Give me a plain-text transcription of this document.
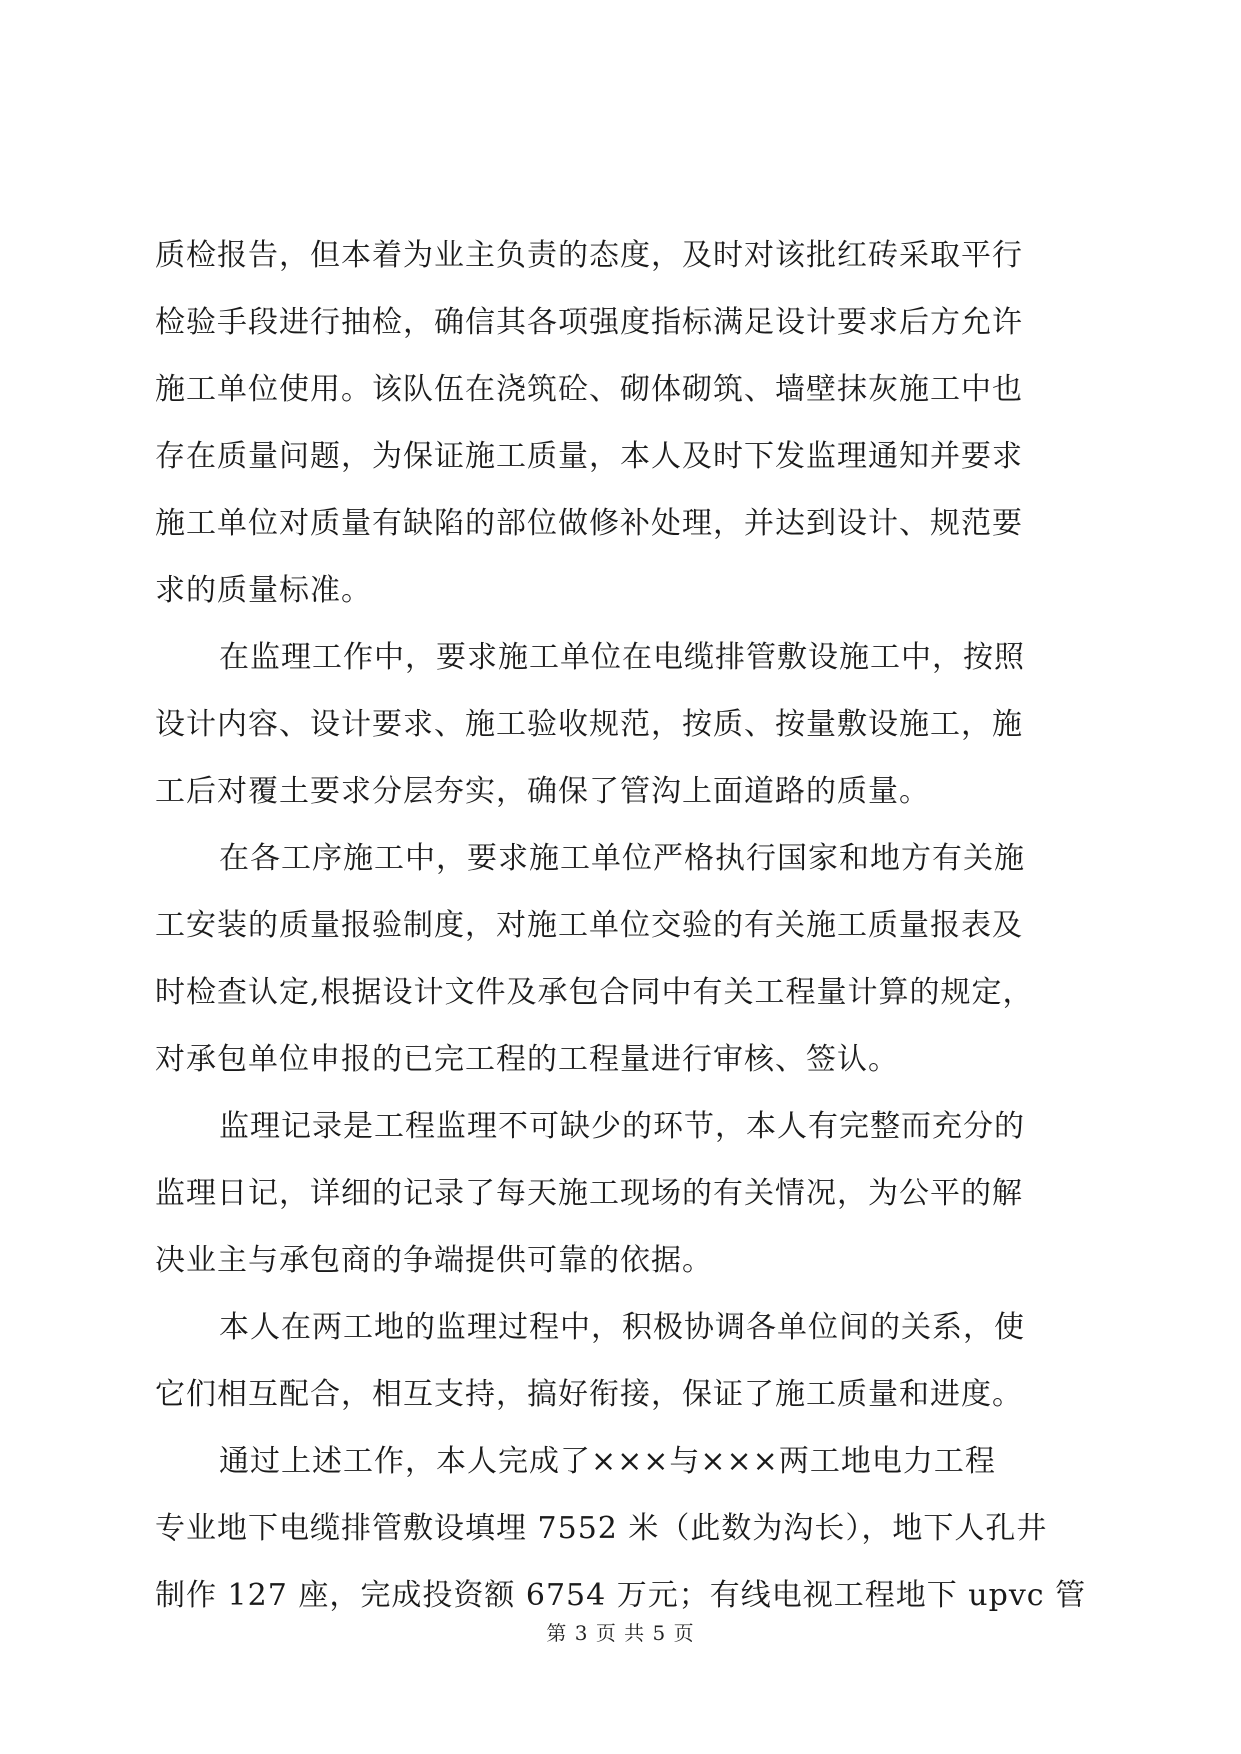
质检报告，但本着为业主负责的态度，及时对该批红砖采取平行
检验手段进行抽检，确信其各项强度指标满足设计要求后方允许
施工单位使用。该队伍在浇筑砼、砌体砌筑、墙壁抹灰施工中也
存在质量问题，为保证施工质量，本人及时下发监理通知并要求
施工单位对质量有缺陷的部位做修补处理，并达到设计、规范要
求的质量标准。
在监理工作中，要求施工单位在电缆排管敷设施工中，按照
设计内容、设计要求、施工验收规范，按质、按量敷设施工，施
工后对覆土要求分层夯实，确保了管沟上面道路的质量。
在各工序施工中，要求施工单位严格执行国家和地方有关施
工安装的质量报验制度，对施工单位交验的有关施工质量报表及
时检查认定,根据设计文件及承包合同中有关工程量计算的规定，
对承包单位申报的已完工程的工程量进行审核、签认。
监理记录是工程监理不可缺少的环节，本人有完整而充分的
监理日记，详细的记录了每天施工现场的有关情况，为公平的解
决业主与承包商的争端提供可靠的依据。
本人在两工地的监理过程中，积极协调各单位间的关系，使
它们相互配合，相互支持，搞好衔接，保证了施工质量和进度。
通过上述工作，本人完成了×××与×××两工地电力工程
专业地下电缆排管敷设填埋 7552 米（此数为沟长），地下人孔井
制作 127 座，完成投资额 6754 万元；有线电视工程地下 upvc 管
第 3 页 共 5 页
